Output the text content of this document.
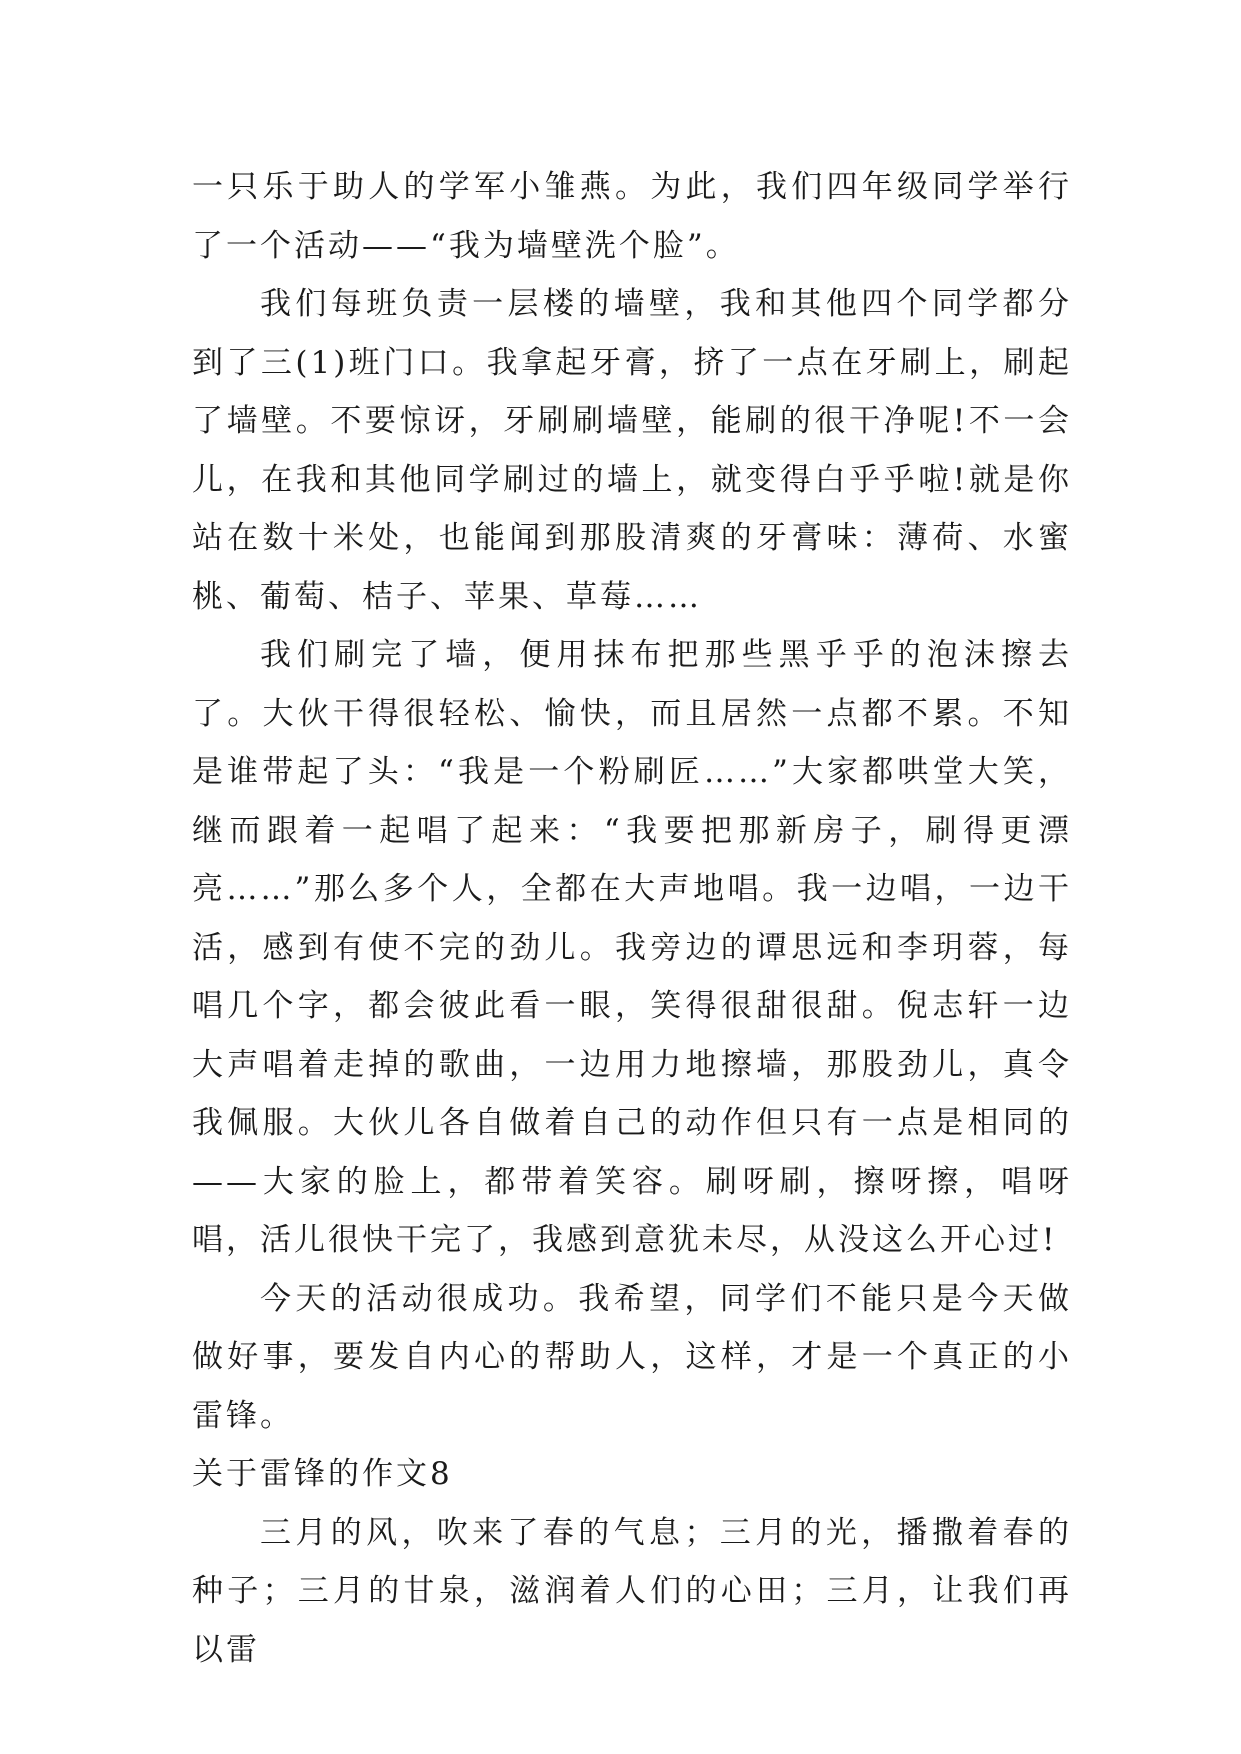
一只乐于助人的学军小雏燕。为此，我们四年级同学举行了一个活动——“我为墙壁洗个脸”。

我们每班负责一层楼的墙壁，我和其他四个同学都分到了三(1)班门口。我拿起牙膏，挤了一点在牙刷上，刷起了墙壁。不要惊讶，牙刷刷墙壁，能刷的很干净呢!不一会儿，在我和其他同学刷过的墙上，就变得白乎乎啦!就是你站在数十米处，也能闻到那股清爽的牙膏味：薄荷、水蜜桃、葡萄、桔子、苹果、草莓……

我们刷完了墙，便用抹布把那些黑乎乎的泡沫擦去了。大伙干得很轻松、愉快，而且居然一点都不累。不知是谁带起了头：“我是一个粉刷匠……”大家都哄堂大笑，继而跟着一起唱了起来：“我要把那新房子，刷得更漂亮……”那么多个人，全都在大声地唱。我一边唱，一边干活，感到有使不完的劲儿。我旁边的谭思远和李玥蓉，每唱几个字，都会彼此看一眼，笑得很甜很甜。倪志轩一边大声唱着走掉的歌曲，一边用力地擦墙，那股劲儿，真令我佩服。大伙儿各自做着自己的动作但只有一点是相同的——大家的脸上，都带着笑容。刷呀刷，擦呀擦，唱呀唱，活儿很快干完了，我感到意犹未尽，从没这么开心过!

今天的活动很成功。我希望，同学们不能只是今天做做好事，要发自内心的帮助人，这样，才是一个真正的小雷锋。

关于雷锋的作文8

三月的风，吹来了春的气息；三月的光，播撒着春的种子；三月的甘泉，滋润着人们的心田；三月，让我们再以雷
